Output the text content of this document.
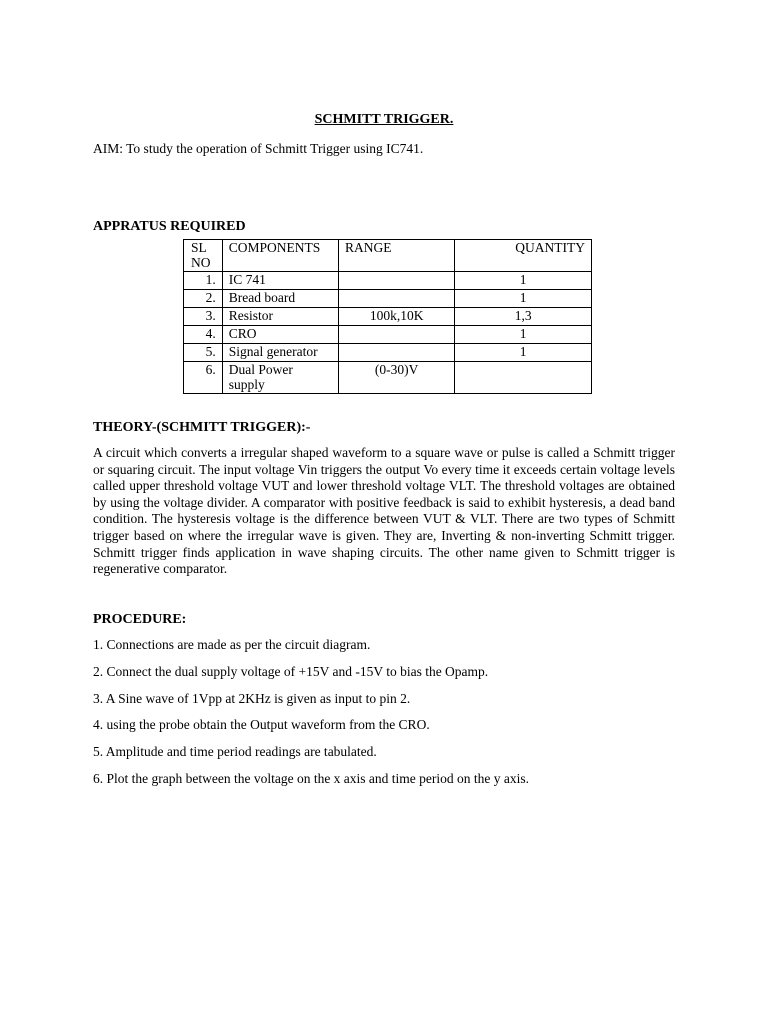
SCHMITT TRIGGER.

AIM: To study the operation of Schmitt Trigger using IC741.

APPRATUS REQUIRED

SL NO	COMPONENTS	RANGE	QUANTITY
1.	IC 741		1
2.	Bread board		1
3.	Resistor	100k,10K	1,3
4.	CRO		1
5.	Signal generator		1
6.	Dual Power supply	(0-30)V	

THEORY-(SCHMITT TRIGGER):-

A circuit which converts a irregular shaped waveform to a square wave or pulse is called a Schmitt trigger or squaring circuit. The input voltage Vin triggers the output Vo every time it exceeds certain voltage levels called upper threshold voltage VUT and lower threshold voltage VLT. The threshold voltages are obtained by using the voltage divider. A comparator with positive feedback is said to exhibit hysteresis, a dead band condition. The hysteresis voltage is the difference between VUT & VLT. There are two types of Schmitt trigger based on where the irregular wave is given. They are, Inverting & non-inverting Schmitt trigger. Schmitt trigger finds application in wave shaping circuits. The other name given to Schmitt trigger is regenerative comparator.

PROCEDURE:

1. Connections are made as per the circuit diagram.

2. Connect the dual supply voltage of +15V and -15V to bias the Opamp.

3. A Sine wave of 1Vpp at 2KHz is given as input to pin 2.

4. using the probe obtain the Output waveform from the CRO.

5. Amplitude and time period readings are tabulated.

6. Plot the graph between the voltage on the x axis and time period on the y axis.
